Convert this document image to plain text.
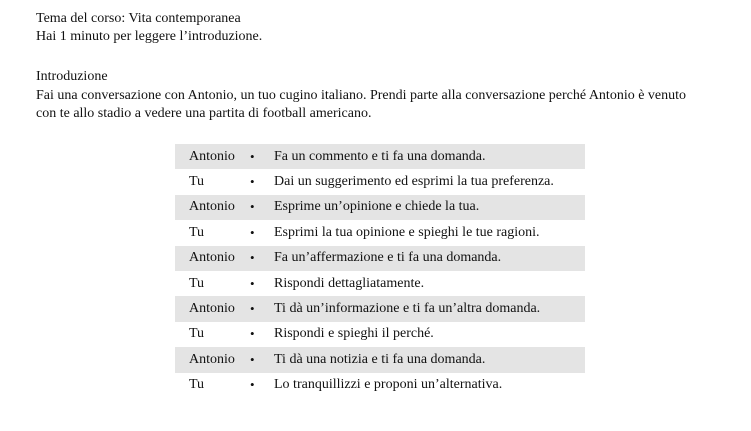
Tema del corso: Vita contemporanea
Hai 1 minuto per leggere l’introduzione.
Introduzione
Fai una conversazione con Antonio, un tuo cugino italiano. Prendi parte alla conversazione perché Antonio è venuto
con te allo stadio a vedere una partita di football americano.
Antonio	•	Fa un commento e ti fa una domanda.
Tu	•	Dai un suggerimento ed esprimi la tua preferenza.
Antonio	•	Esprime un’opinione e chiede la tua.
Tu	•	Esprimi la tua opinione e spieghi le tue ragioni.
Antonio	•	Fa un’affermazione e ti fa una domanda.
Tu	•	Rispondi dettagliatamente.
Antonio	•	Ti dà un’informazione e ti fa un’altra domanda.
Tu	•	Rispondi e spieghi il perché.
Antonio	•	Ti dà una notizia e ti fa una domanda.
Tu	•	Lo tranquillizzi e proponi un’alternativa.
